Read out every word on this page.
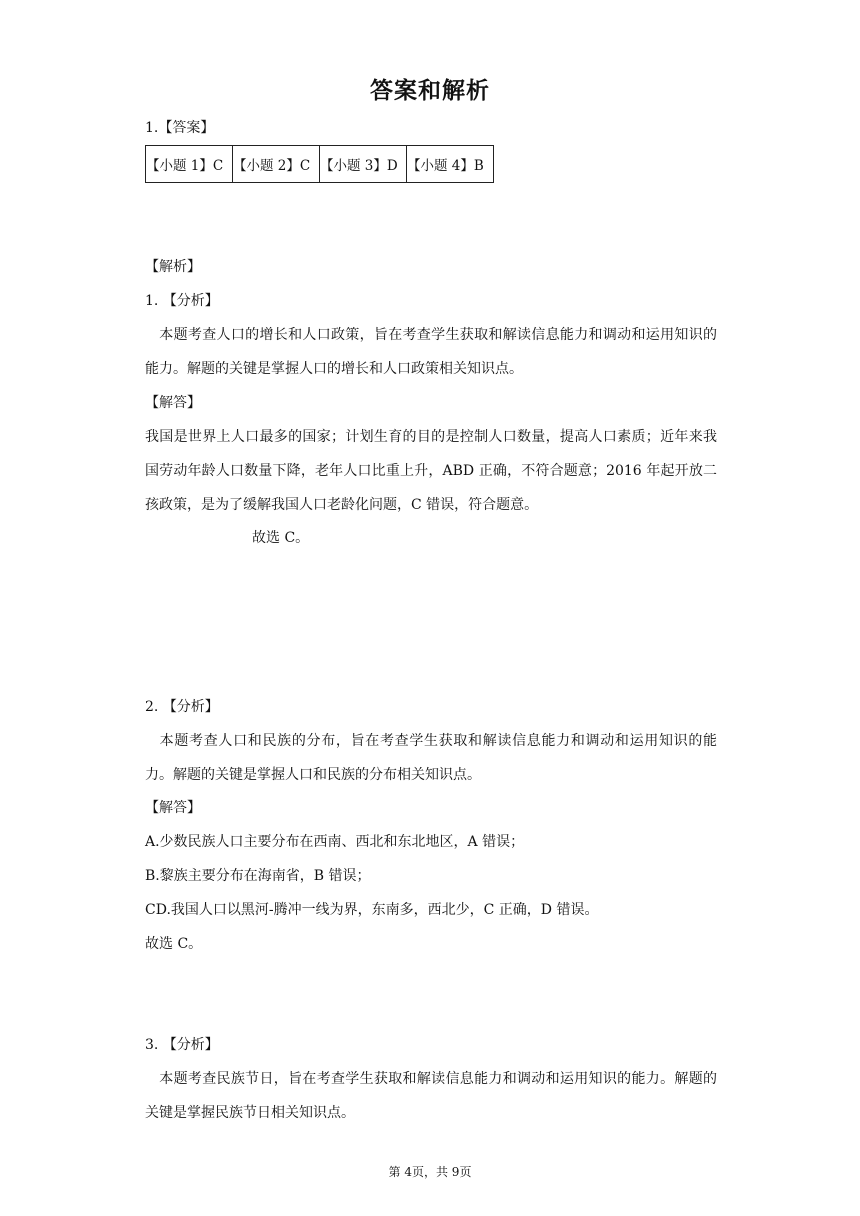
答案和解析
1.【答案】
【小题 1】C	【小题 2】C	【小题 3】D	【小题 4】B
【解析】
1. 【分析】
本题考查人口的增长和人口政策，旨在考查学生获取和解读信息能力和调动和运用知识的能力。解题的关键是掌握人口的增长和人口政策相关知识点。
【解答】
我国是世界上人口最多的国家；计划生育的目的是控制人口数量，提高人口素质；近年来我国劳动年龄人口数量下降，老年人口比重上升，ABD 正确，不符合题意；2016 年起开放二孩政策，是为了缓解我国人口老龄化问题，C 错误，符合题意。
故选 C。
2. 【分析】
本题考查人口和民族的分布，旨在考查学生获取和解读信息能力和调动和运用知识的能力。解题的关键是掌握人口和民族的分布相关知识点。
【解答】
A.少数民族人口主要分布在西南、西北和东北地区，A 错误；
B.黎族主要分布在海南省，B 错误；
CD.我国人口以黑河-腾冲一线为界，东南多，西北少，C 正确，D 错误。
故选 C。
3. 【分析】
本题考查民族节日，旨在考查学生获取和解读信息能力和调动和运用知识的能力。解题的关键是掌握民族节日相关知识点。
第 4页，共 9页
